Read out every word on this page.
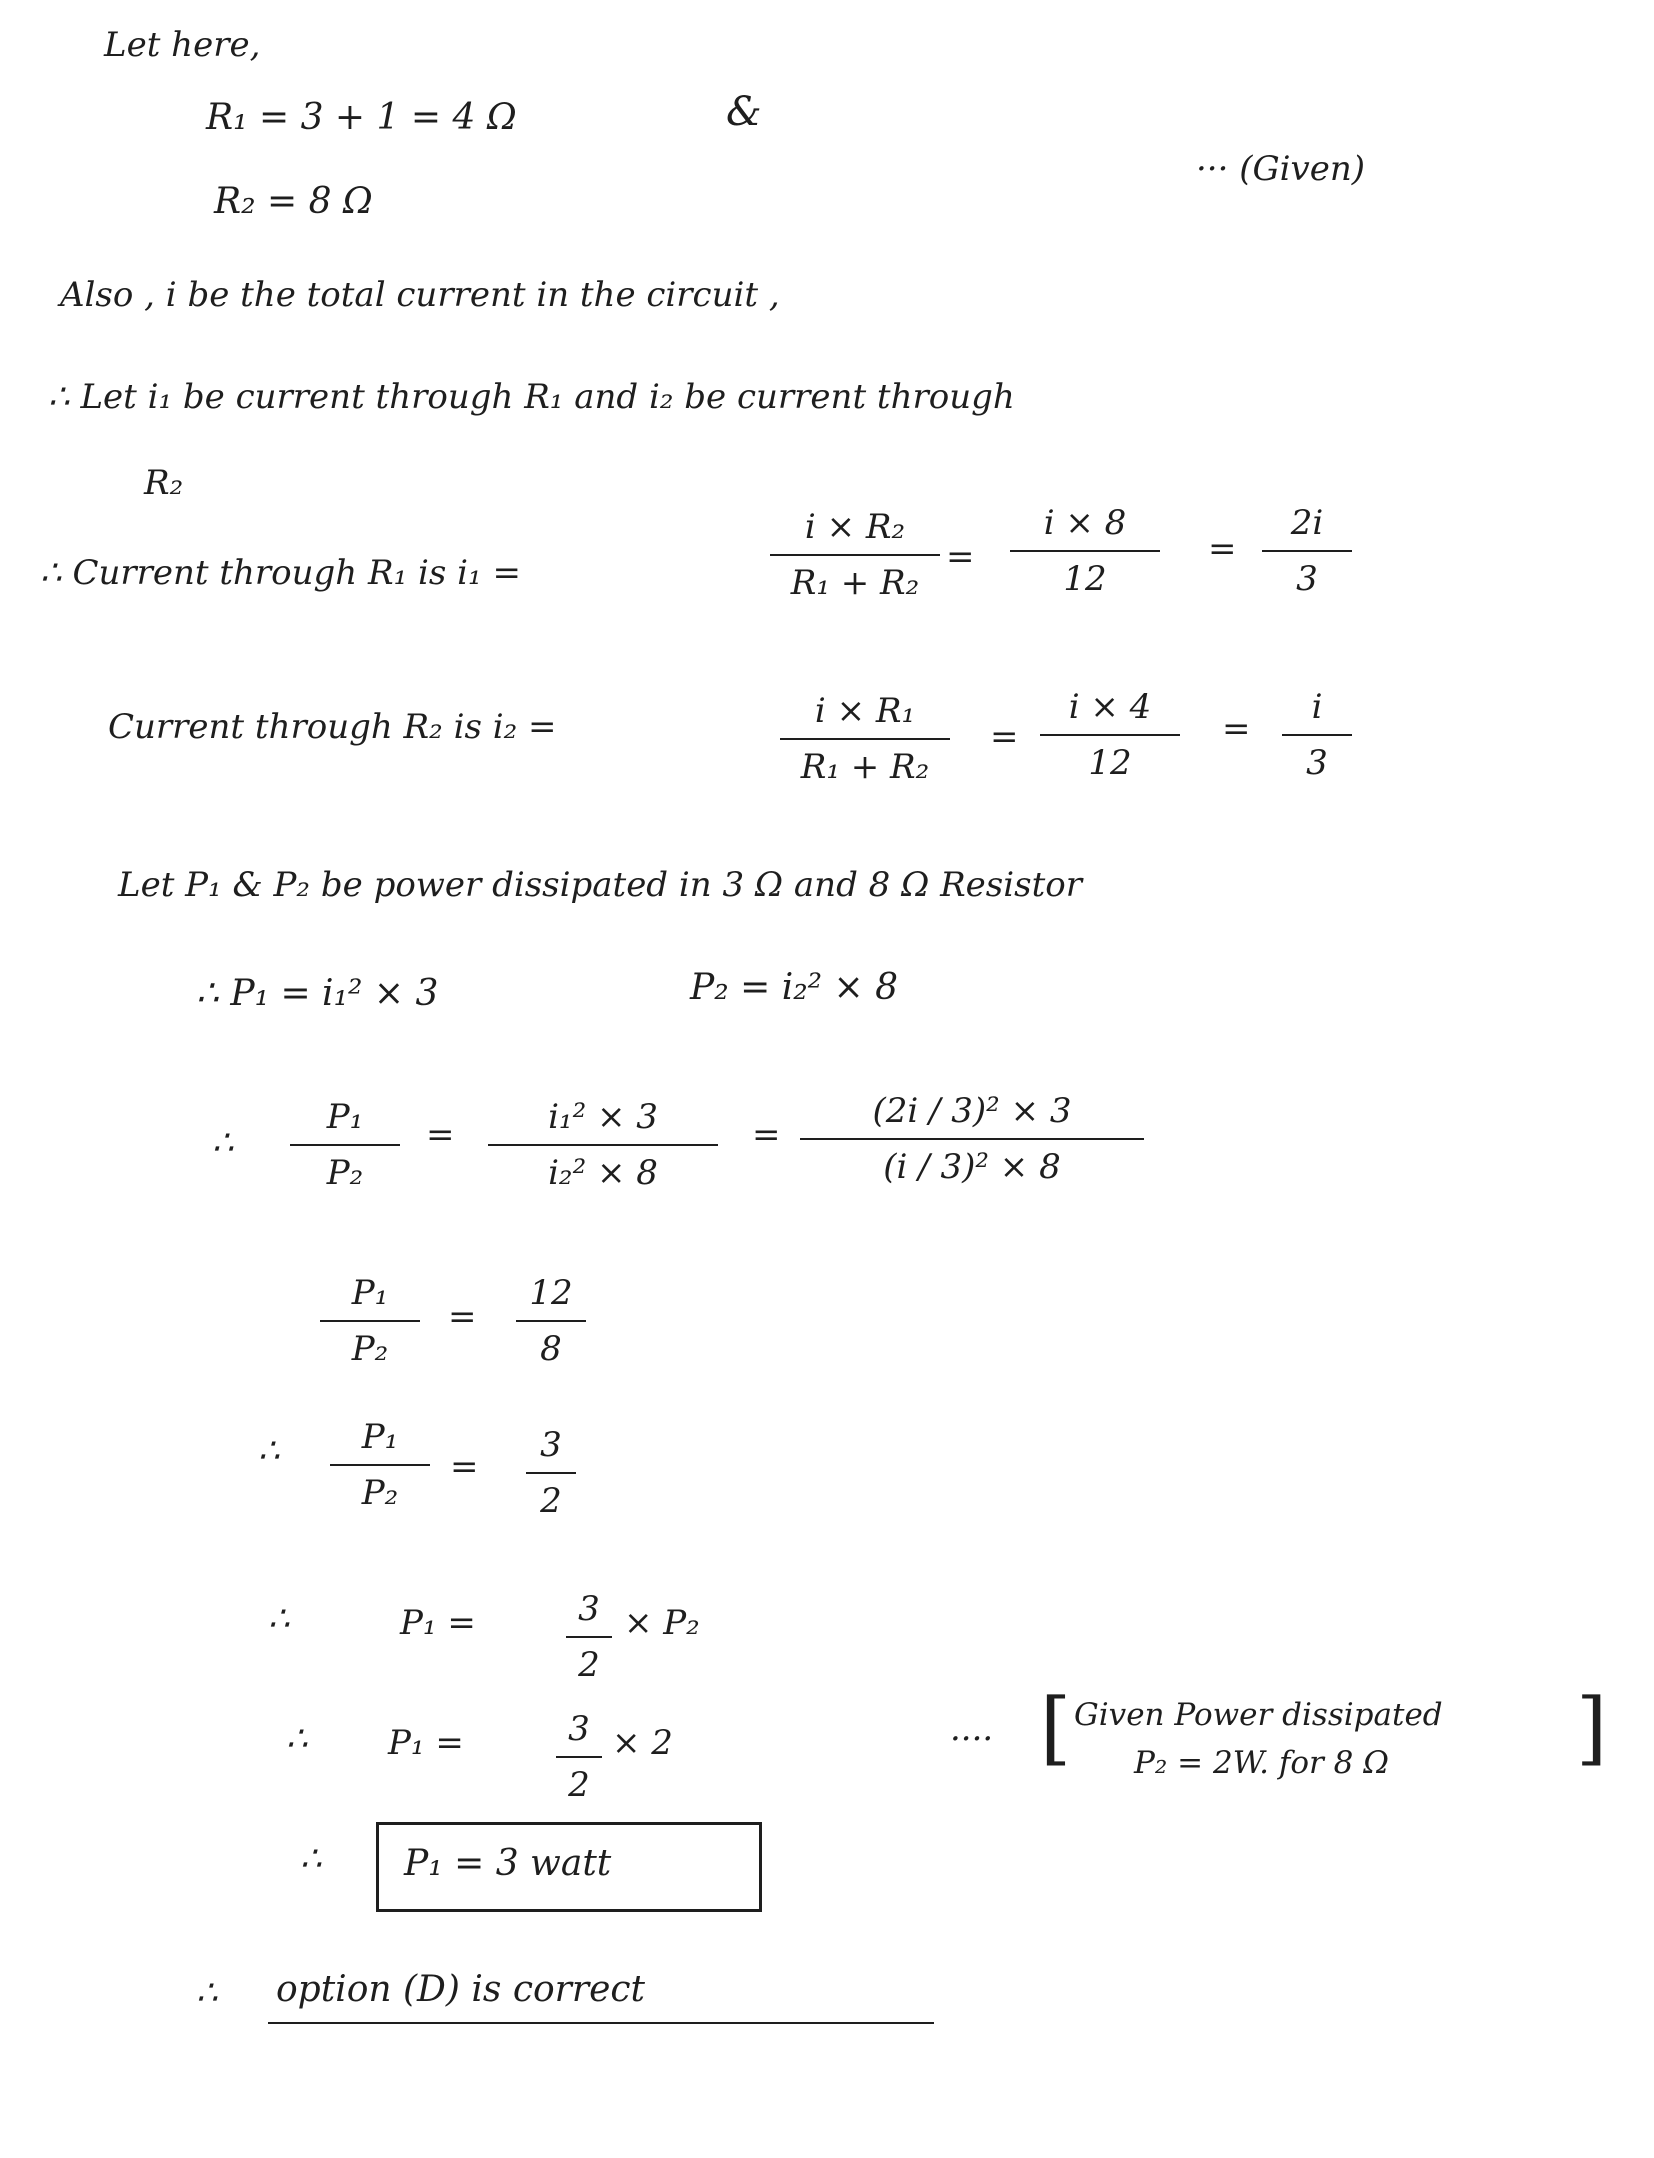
Let here,
R₁ = 3 + 1 = 4 Ω	&
R₂ = 8 Ω
··· (Given)
Also , i be the total current in the circuit ,
∴ Let i₁ be current through R₁ and i₂ be current through
R₂
∴ Current through R₁ is i₁ =
i × R₂
R₁ + R₂
=
i × 8
12
=
2i
3
Current through R₂ is i₂ =	i × R₁
R₁ + R₂
=
i × 4
12
=
i
3
Let P₁ & P₂ be power dissipated in 3 Ω and 8 Ω Resistor
∴ P₁ = i₁² × 3	P₂ = i₂² × 8
∴
P₁
P₂
=	i₁² × 3
i₂² × 8
=
(2i / 3)² × 3
(i / 3)² × 8
P₁
P₂
=
12
8
∴	P₁
P₂
=
3
2
∴	P₁ =	3
2
× P₂
∴ P₁ =	3
2
× 2	···· [ Given Power dissipated
P₂ = 2W. for 8 Ω ]
∴ P₁ = 3 watt
∴ option (D) is correct
